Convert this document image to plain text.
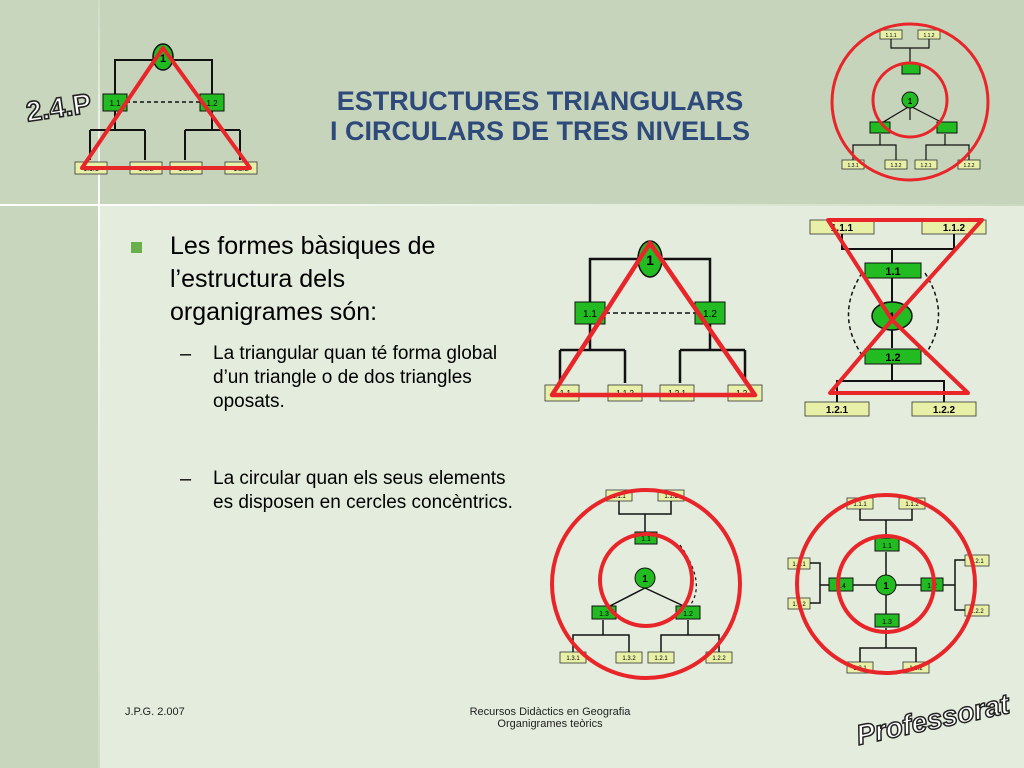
ESTRUCTURES TRIANGULARS
I CIRCULARS DE TRES NIVELLS
2.4.P
1
1.1	1.2
1.1.1	1.1.2	1.2.1	1.2.2
1.1.1	1.1.2
1.3.1	1.3.2	1.2.1	1.2.2
1
Les formes bàsiques de l’estructura dels organigrames són:
– La triangular quan té forma global d’un triangle o de dos triangles oposats.
– La circular quan els seus elements es disposen en cercles concèntrics.
1
1.1	1.2
1.1.1	1.1.2	1.2.1	1.2.2
1.1.1	1.1.2
1.2.1	1.2.2
1.1
1
1.2
1.1.1	1.1.2
1.3.1	1.3.2	1.2.1	1.2.2
1.1
1.3	1.2
1
1.1.1	1.1.2
1.2.1
1.2.2
1.4.1
1.4.2
1.3.1	1.3.2
1.1
1.4	1.2
1.3
1
J.P.G. 2.007	Recursos Didàctics en Geografia
Organigrames teòrics	Professorat
